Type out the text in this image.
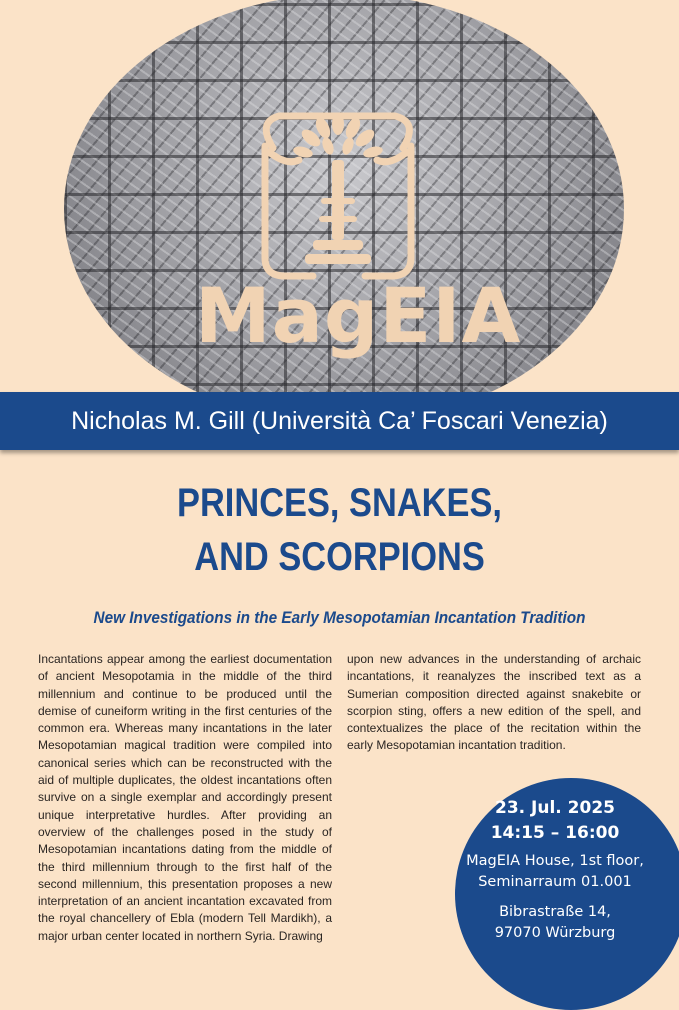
MagEIA
Nicholas M. Gill (Università Ca’ Foscari Venezia)
PRINCES, SNAKES,
AND SCORPIONS
New Investigations in the Early Mesopotamian Incantation Tradition
Incantations appear among the earliest documentation of ancient Mesopotamia in the middle of the third millennium and continue to be produced until the demise of cuneiform writing in the first centuries of the common era. Whereas many incantations in the later Mesopotamian magical tradition were compiled into canonical series which can be reconstructed with the aid of multiple duplicates, the oldest incantations often survive on a single exemplar and accordingly present unique interpretative hurdles. After providing an overview of the challenges posed in the study of Mesopotamian incantations dating from the middle of the third millennium through to the first half of the second millennium, this presentation proposes a new interpretation of an ancient incantation excavated from the royal chancellery of Ebla (modern Tell Mardikh), a major urban center located in northern Syria. Drawing
upon new advances in the understanding of archaic incantations, it reanalyzes the inscribed text as a Sumerian composition directed against snakebite or scorpion sting, offers a new edition of the spell, and contextualizes the place of the recitation within the early Mesopotamian incantation tradition.
23. Jul. 2025
14:15 – 16:00
MagEIA House, 1st floor,
Seminarraum 01.001
Bibrastraße 14,
97070 Würzburg
